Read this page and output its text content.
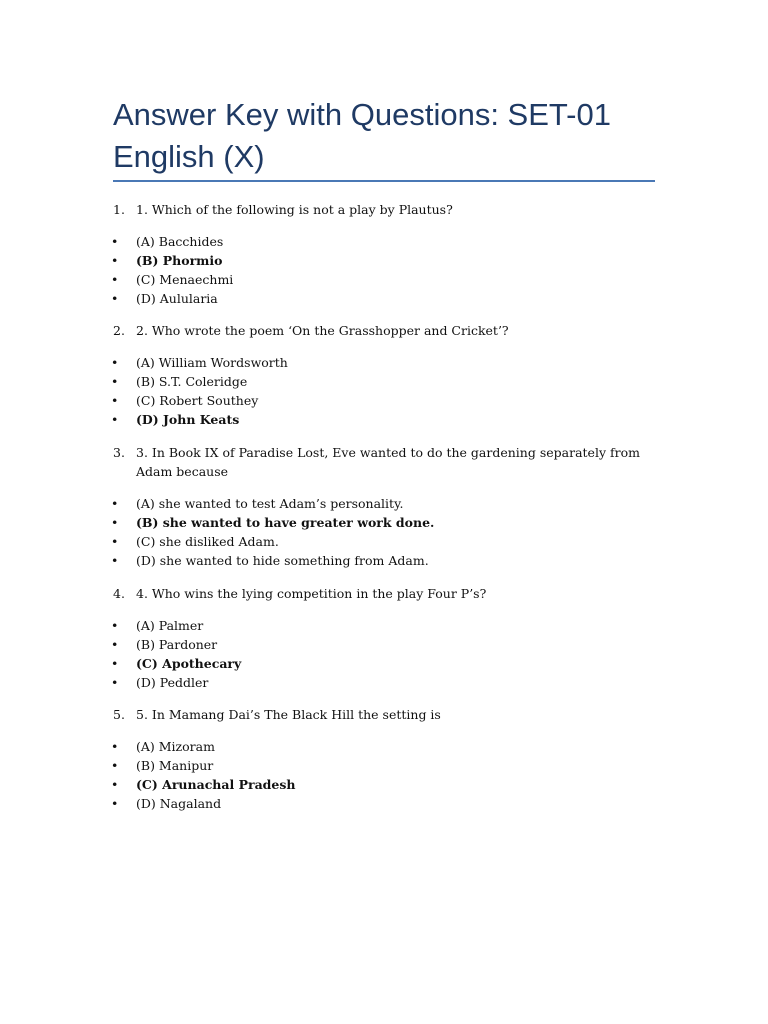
Answer Key with Questions: SET-01 English (X)
1. 1. Which of the following is not a play by Plautus?
• (A) Bacchides
• (B) Phormio
• (C) Menaechmi
• (D) Aulularia
2. 2. Who wrote the poem ‘On the Grasshopper and Cricket’?
• (A) William Wordsworth
• (B) S.T. Coleridge
• (C) Robert Southey
• (D) John Keats
3. 3. In Book IX of Paradise Lost, Eve wanted to do the gardening separately from Adam because
• (A) she wanted to test Adam’s personality.
• (B) she wanted to have greater work done.
• (C) she disliked Adam.
• (D) she wanted to hide something from Adam.
4. 4. Who wins the lying competition in the play Four P’s?
• (A) Palmer
• (B) Pardoner
• (C) Apothecary
• (D) Peddler
5. 5. In Mamang Dai’s The Black Hill the setting is
• (A) Mizoram
• (B) Manipur
• (C) Arunachal Pradesh
• (D) Nagaland
